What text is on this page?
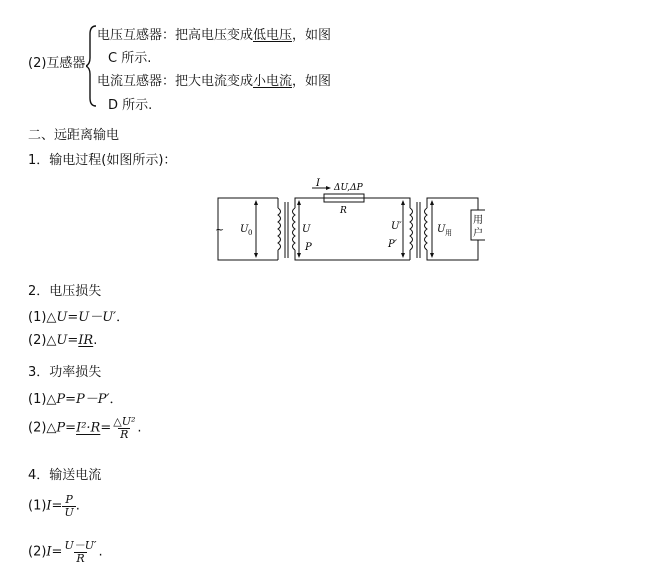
(2)互感器
电压互感器：把高电压变成低电压，如图
C 所示.
电流互感器：把大电流变成小电流，如图
D 所示.
二、远距离输电
1．输电过程(如图所示)：
~ U 0	U
P
I ΔU,ΔP
R
U′
P′
U 用
用
户
2．电压损失
(1)△U=U－U′．
(2)△U=IR.
3．功率损失
(1)△P=P－P′．
(2)△P=I²·R= $\frac{\text{△U²}}{R}$ .
4．输送电流
$(1)I= \frac{P}{U}$ .
$(2)I= \frac{U-U'}{R}$ .
